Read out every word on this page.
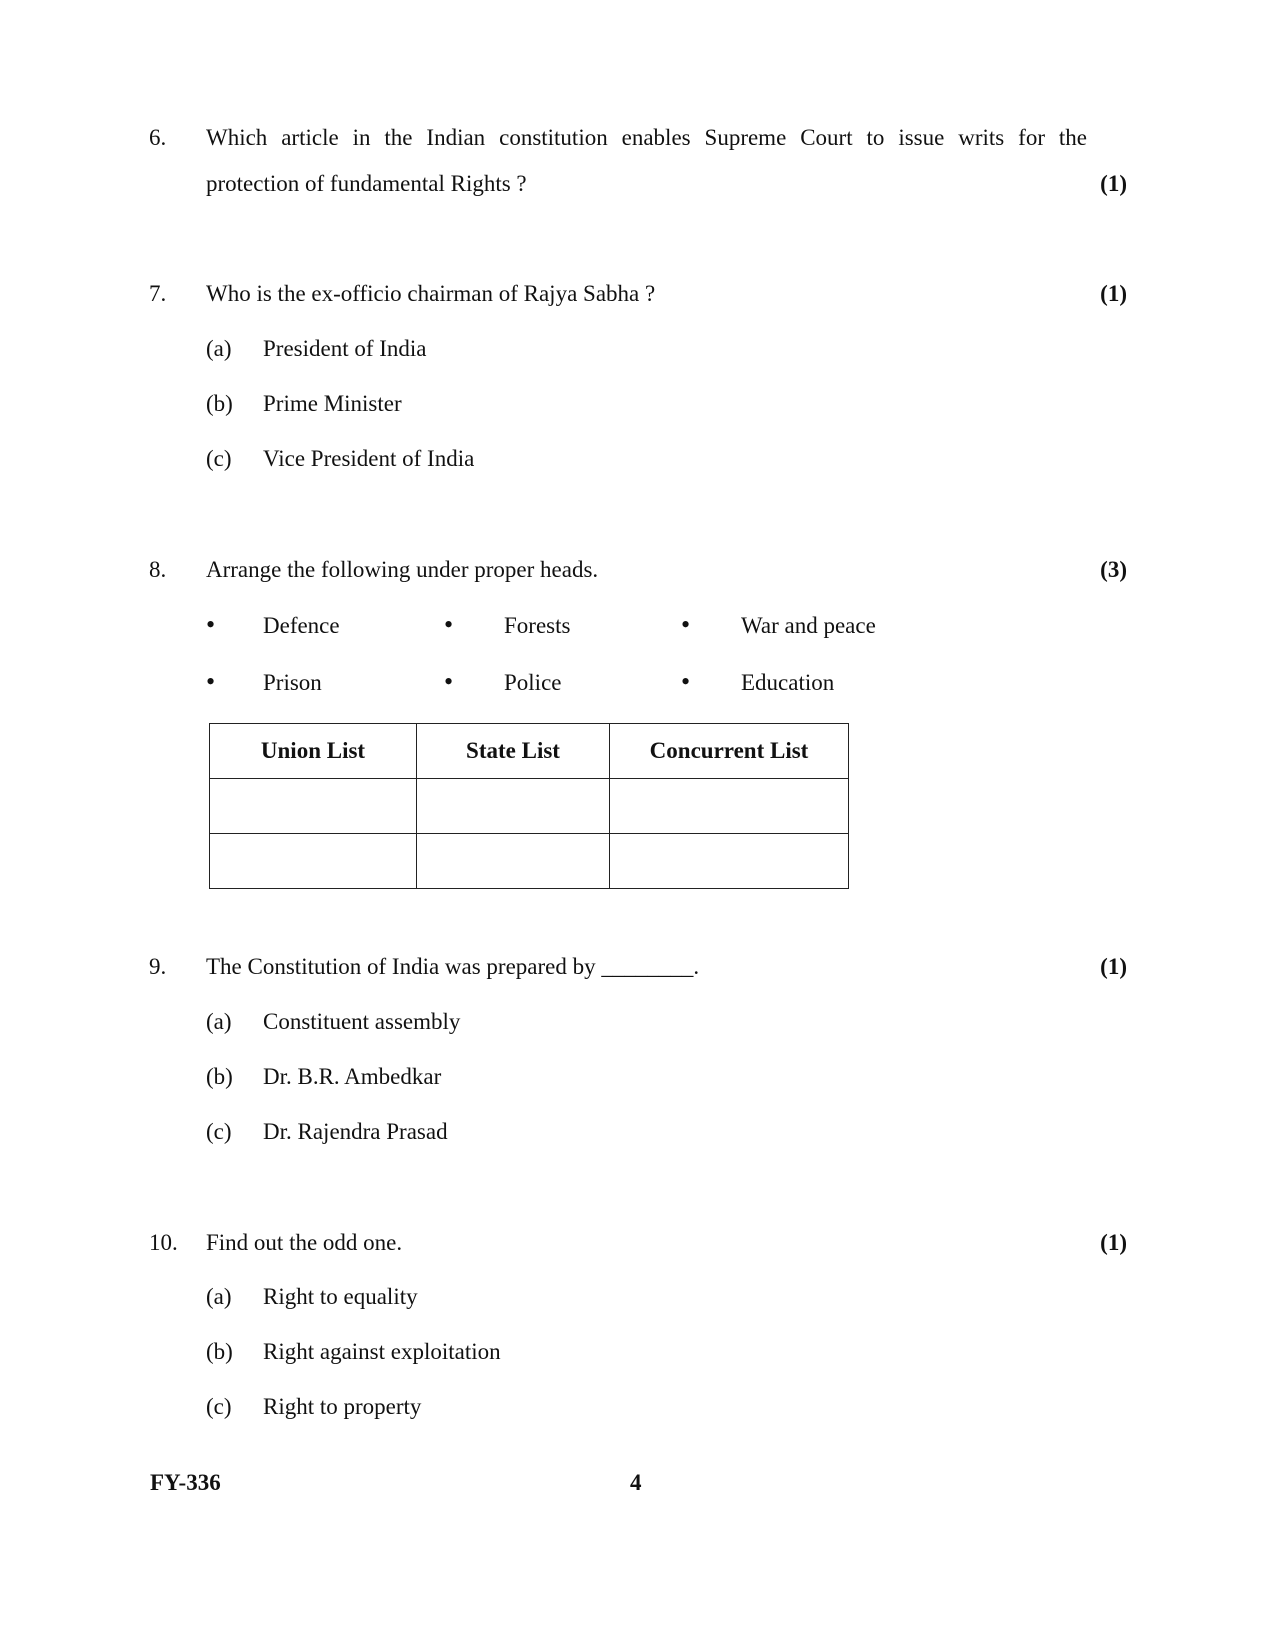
6. Which article in the Indian constitution enables Supreme Court to issue writs for the
protection of fundamental Rights ?	(1)
7. Who is the ex-officio chairman of Rajya Sabha ?	(1)
(a) President of India
(b) Prime Minister
(c) Vice President of India
8. Arrange the following under proper heads.	(3)
• Defence	• Forests	• War and peace
• Prison	• Police	• Education
Union List	State List	Concurrent List

9. The Constitution of India was prepared by ________.	(1)
(a) Constituent assembly
(b) Dr. B.R. Ambedkar
(c) Dr. Rajendra Prasad
10. Find out the odd one.	(1)
(a) Right to equality
(b) Right against exploitation
(c) Right to property
FY-336	4
